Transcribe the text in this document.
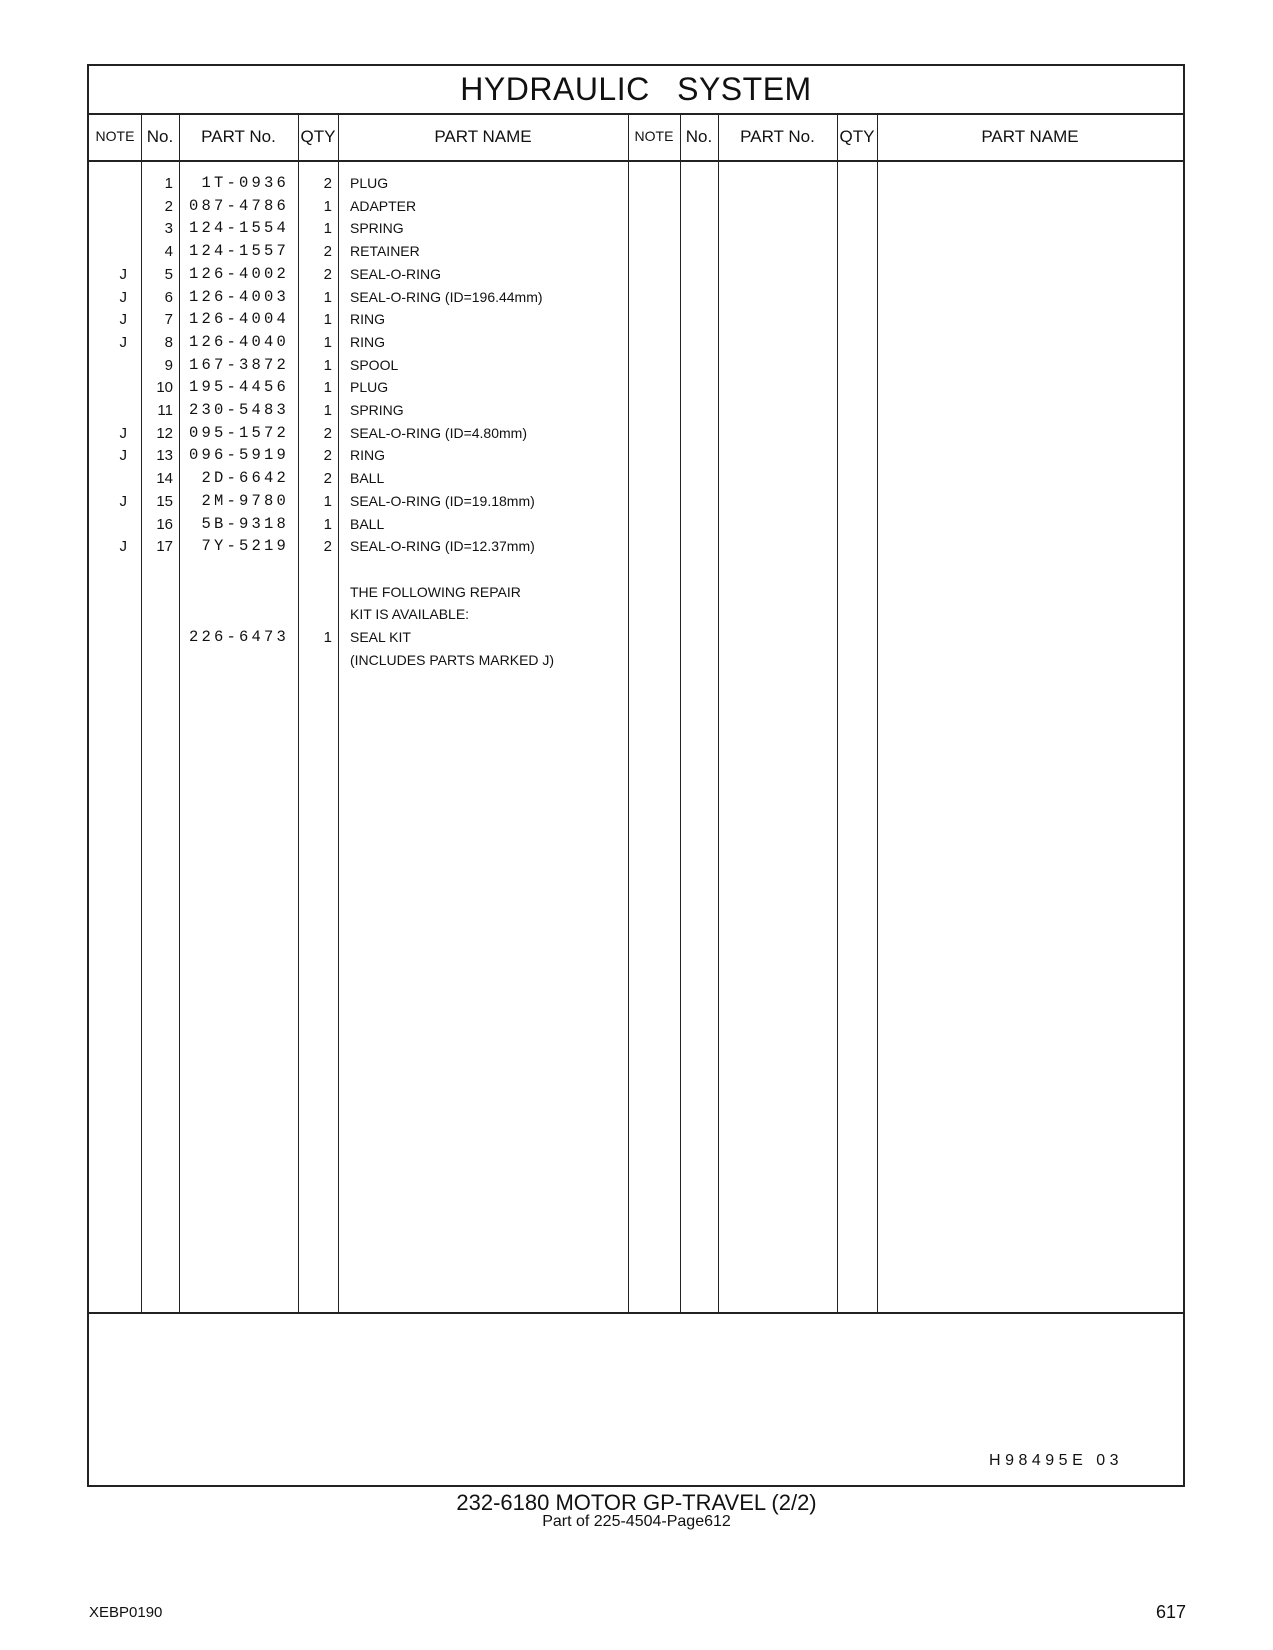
HYDRAULIC SYSTEM
NOTE No.	PART No.	QTY	PART NAME	NOTE No.	PART No.	QTY	PART NAME
1	1T-0936	2 PLUG
2	087-4786	1 ADAPTER
3	124-1554	1 SPRING
4	124-1557	2 RETAINER
J	5	126-4002	2 SEAL-O-RING
J	6	126-4003	1 SEAL-O-RING (ID=196.44mm)
J	7	126-4004	1 RING
J	8	126-4040	1 RING
9	167-3872	1 SPOOL
10	195-4456	1 PLUG
11	230-5483	1 SPRING
J	12	095-1572	2 SEAL-O-RING (ID=4.80mm)
J	13	096-5919	2 RING
14	2D-6642	2 BALL
J	15	2M-9780	1 SEAL-O-RING (ID=19.18mm)
16	5B-9318	1 BALL
J	17	7Y-5219	2 SEAL-O-RING (ID=12.37mm)
THE FOLLOWING REPAIR
KIT IS AVAILABLE:
226-6473	1 SEAL KIT
(INCLUDES PARTS MARKED J)
H98495E 03
232-6180 MOTOR GP-TRAVEL (2/2)
Part of 225-4504-Page612
XEBP0190	617
